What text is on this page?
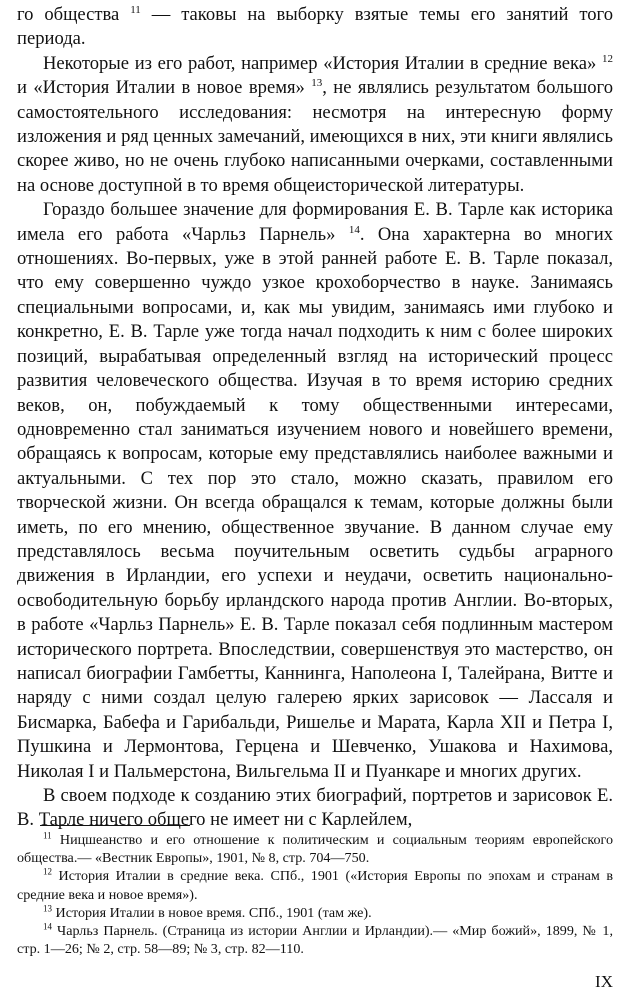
го общества $^{11}$ — таковы на выборку взятые темы его занятий того периода.

Некоторые из его работ, например «История Италии в средние века» $^{12}$ и «История Италии в новое время» $^{13}$, не являлись результатом большого самостоятельного исследования: несмотря на интересную форму изложения и ряд ценных замечаний, имеющихся в них, эти книги являлись скорее живо, но не очень глубоко написанными очерками, составленными на основе доступной в то время общеисторической литературы.

Гораздо большее значение для формирования Е. В. Тарле как историка имела его работа «Чарльз Парнель» $^{14}$. Она характерна во многих отношениях. Во-первых, уже в этой ранней работе Е. В. Тарле показал, что ему совершенно чуждо узкое крохоборчество в науке. Занимаясь специальными вопросами, и, как мы увидим, занимаясь ими глубоко и конкретно, Е. В. Тарле уже тогда начал подходить к ним с более широких позиций, вырабатывая определенный взгляд на исторический процесс развития человеческого общества. Изучая в то время историю средних веков, он, побуждаемый к тому общественными интересами, одновременно стал заниматься изучением нового и новейшего времени, обращаясь к вопросам, которые ему представлялись наиболее важными и актуальными. С тех пор это стало, можно сказать, правилом его творческой жизни. Он всегда обращался к темам, которые должны были иметь, по его мнению, общественное звучание. В данном случае ему представлялось весьма поучительным осветить судьбы аграрного движения в Ирландии, его успехи и неудачи, осветить национально-освободительную борьбу ирландского народа против Англии. Во-вторых, в работе «Чарльз Парнель» Е. В. Тарле показал себя подлинным мастером исторического портрета. Впоследствии, совершенствуя это мастерство, он написал биографии Гамбетты, Каннинга, Наполеона I, Талейрана, Витте и наряду с ними создал целую галерею ярких зарисовок — Лассаля и Бисмарка, Бабефа и Гарибальди, Ришелье и Марата, Карла XII и Петра I, Пушкина и Лермонтова, Герцена и Шевченко, Ушакова и Нахимова, Николая I и Пальмерстона, Вильгельма II и Пуанкаре и многих других.

В своем подходе к созданию этих биографий, портретов и зарисовок Е. В. Тарле ничего общего не имеет ни с Карлейлем,

$^{11}$ Ницшеанство и его отношение к политическим и социальным теориям европейского общества.— «Вестник Европы», 1901, № 8, стр. 704—750.

$^{12}$ История Италии в средние века. СПб., 1901 («История Европы по эпохам и странам в средние века и новое время»).

$^{13}$ История Италии в новое время. СПб., 1901 (там же).

$^{14}$ Чарльз Парнель. (Страница из истории Англии и Ирландии).— «Мир божий», 1899, № 1, стр. 1—26; № 2, стр. 58—89; № 3, стр. 82—110.

IX
